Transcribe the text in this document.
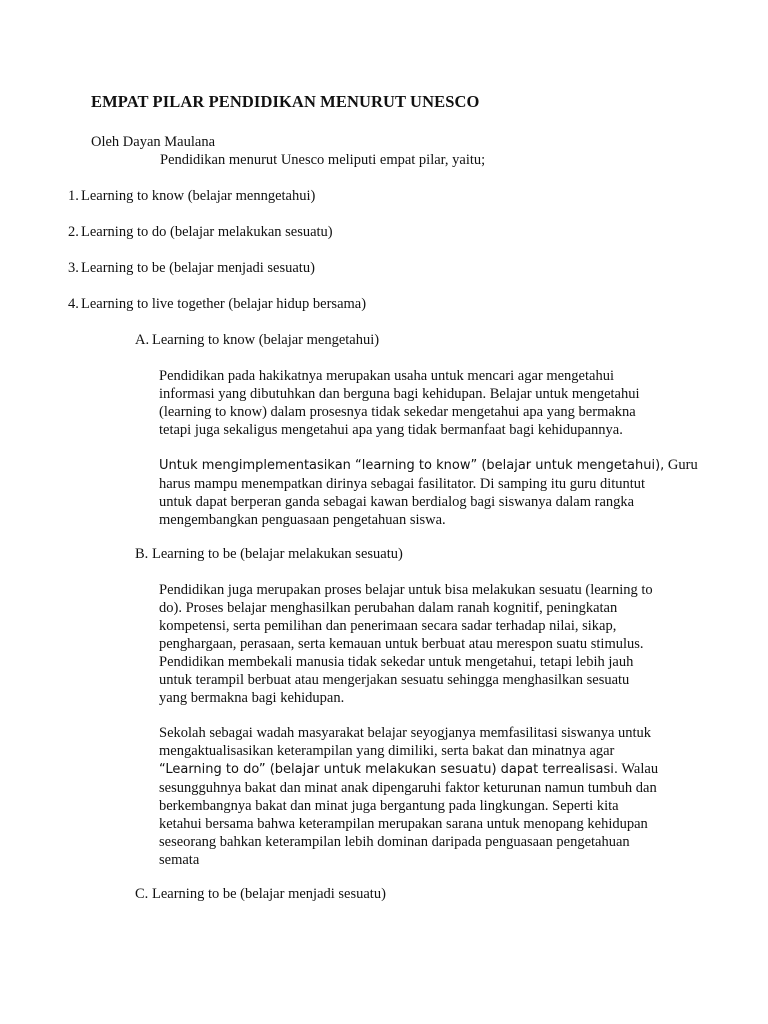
EMPAT PILAR PENDIDIKAN MENURUT UNESCO
Oleh Dayan Maulana
Pendidikan menurut Unesco meliputi empat pilar, yaitu;
1. Learning to know (belajar menngetahui)
2. Learning to do (belajar melakukan sesuatu)
3. Learning to be (belajar menjadi sesuatu)
4. Learning to live together (belajar hidup bersama)
A. Learning to know (belajar mengetahui)
Pendidikan pada hakikatnya merupakan usaha untuk mencari agar mengetahui
informasi yang dibutuhkan dan berguna bagi kehidupan. Belajar untuk mengetahui
(learning to know) dalam prosesnya tidak sekedar mengetahui apa yang bermakna
tetapi juga sekaligus mengetahui apa yang tidak bermanfaat bagi kehidupannya.
Untuk mengimplementasikan “learning to know” (belajar untuk mengetahui), Guru
harus mampu menempatkan dirinya sebagai fasilitator. Di samping itu guru dituntut
untuk dapat berperan ganda sebagai kawan berdialog bagi siswanya dalam rangka
mengembangkan penguasaan pengetahuan siswa.
B. Learning to be (belajar melakukan sesuatu)
Pendidikan juga merupakan proses belajar untuk bisa melakukan sesuatu (learning to
do). Proses belajar menghasilkan perubahan dalam ranah kognitif, peningkatan
kompetensi, serta pemilihan dan penerimaan secara sadar terhadap nilai, sikap,
penghargaan, perasaan, serta kemauan untuk berbuat atau merespon suatu stimulus.
Pendidikan membekali manusia tidak sekedar untuk mengetahui, tetapi lebih jauh
untuk terampil berbuat atau mengerjakan sesuatu sehingga menghasilkan sesuatu
yang bermakna bagi kehidupan.
Sekolah sebagai wadah masyarakat belajar seyogjanya memfasilitasi siswanya untuk
mengaktualisasikan keterampilan yang dimiliki, serta bakat dan minatnya agar
“Learning to do” (belajar untuk melakukan sesuatu) dapat terrealisasi. Walau
sesungguhnya bakat dan minat anak dipengaruhi faktor keturunan namun tumbuh dan
berkembangnya bakat dan minat juga bergantung pada lingkungan. Seperti kita
ketahui bersama bahwa keterampilan merupakan sarana untuk menopang kehidupan
seseorang bahkan keterampilan lebih dominan daripada penguasaan pengetahuan
semata
C. Learning to be (belajar menjadi sesuatu)
